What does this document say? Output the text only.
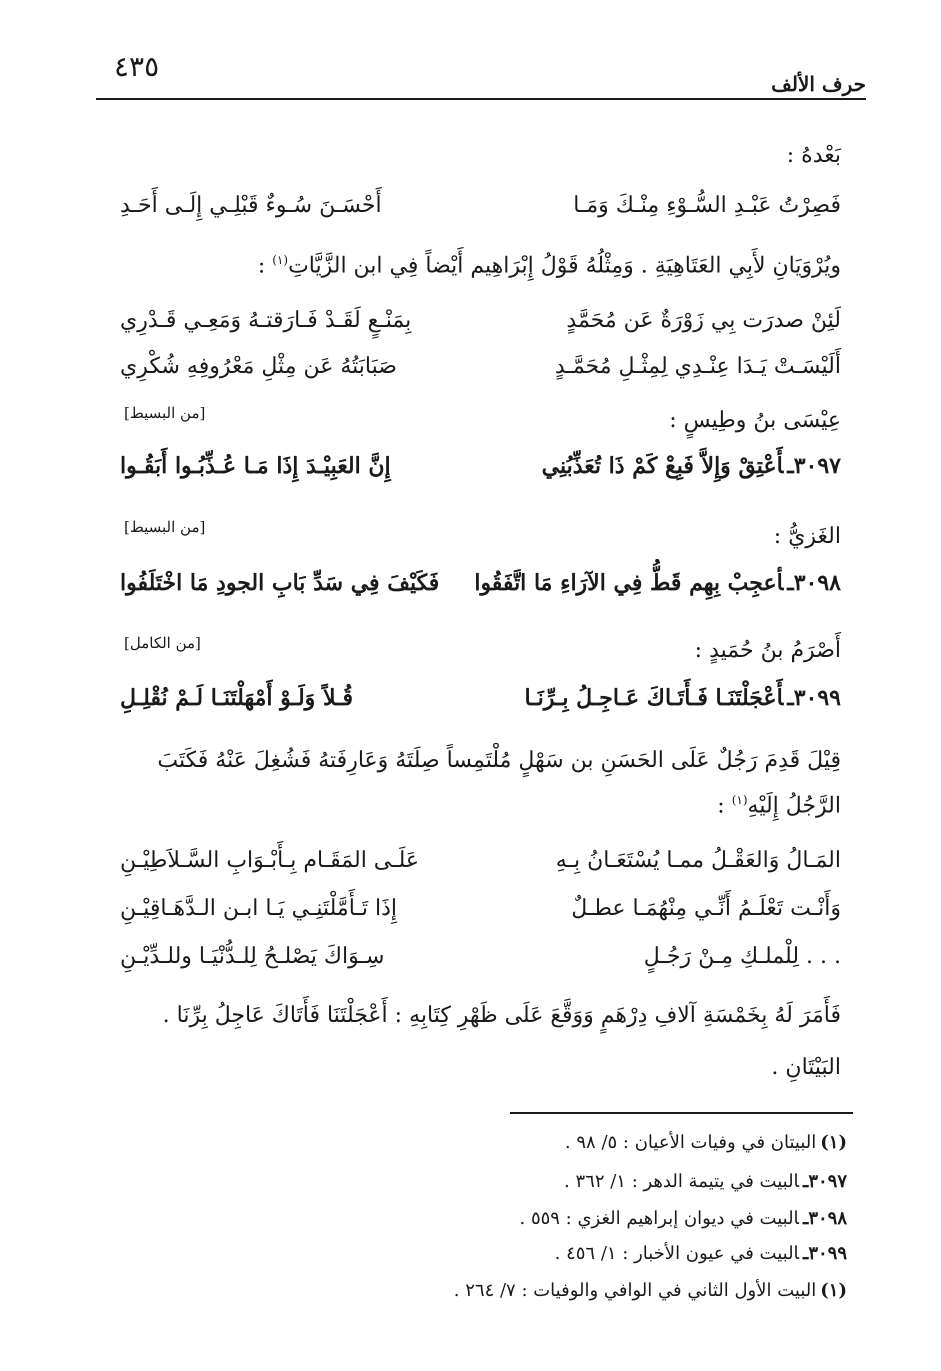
حرف الألف
٤٣٥
بَعْدهُ :
فَصِرْتُ عَبْـدِ السُّـوْءِ مِنْـكَ وَمَـا
أَحْسَـنَ سُـوءٌ قَبْلِـي إِلَـى أَحَـدِ
ويُرْوَيَانِ لأَبِي العَتَاهِيَةِ . وَمِثْلُهُ قَوْلُ إِبْرَاهِيم أَيْضاً فِي ابن الزَّيَّاتِ$^{(١)}$ :
لَئِنْ صدرَت بِي زَوْرَةٌ عَن مُحَمَّدٍ
بِمَنْـعٍ لَقَـدْ فَـارَقتـهُ وَمَعِـي قَـدْرِي
أَلَيْسَـتْ يَـدَا عِنْـدِي لِمِثْـلِ مُحَمَّـدٍ
صَبَابَتُهُ عَن مِثْلِ مَعْرُوفِهِ شُكْرِي
عِيْسَى بنُ وطِيسٍ :
[من البسيط]
٣٠٩٧ـأَعْتِقْ وَإِلاَّ فَبِعْ كَمْ ذَا تُعَذِّبُنِي
إِنَّ العَبِيْـدَ إِذَا مَـا عُـذِّبُـوا أَبَقُـوا
الغَزيُّ :
[من البسيط]
٣٠٩٨ـأعجِبْ بِهِم قَطُّ فِي الآرَاءِ مَا اتَّفَقُوا
فَكَيْفَ فِي سَدِّ بَابِ الجودِ مَا اخْتَلَفُوا
أَصْرَمُ بنُ حُمَيدٍ :
[من الكامل]
٣٠٩٩ـأَعْجَلْتَنَـا فَـأَتَـاكَ عَـاجِـلُ بِـرِّنَـا
قُـلاً وَلَـوْ أَمْهَلْتَنَـا لَـمْ نُقْلِـلِ
قِيْلَ قَدِمَ رَجُلٌ عَلَى الحَسَنِ بن سَهْلٍ مُلْتَمِساً صِلَتَهُ وَعَارِفَتهُ فَشُغِلَ عَنْهُ فَكَتَبَ
الرَّجُلُ إِلَيْهِ$^{(١)}$ :
المَـالُ وَالعَقْـلُ ممـا يُسْتَعَـانُ بِـهِ
عَلَـى المَقَـام بِـأَبْـوَابِ السَّـلاَطِيْـنِ
وَأَنْـت تَعْلَـمُ أَنِّـي مِنْهُمَـا عطـلٌ
إِذَا تَـأَمَّلْتَنِـي يَـا ابـن الـدَّهَـاقِيْـنِ
. . . لِلْملـكِ مِـنْ رَجُـلٍ
سِـوَاكَ يَصْلـحُ لِلـدُّنْيَـا وللـدِّيْـنِ
فَأَمَرَ لَهُ بِخَمْسَةِ آلافِ دِرْهَمٍ وَوَقَّعَ عَلَى ظَهْرِ كِتَابِهِ : أَعْجَلْتَنَا فَأَتَاكَ عَاجِلُ بِرِّنَا .
البَيْتَانِ .
(١)البيتان في وفيات الأعيان : ٥/ ٩٨ .
٣٠٩٧ـالبيت في يتيمة الدهر : ١/ ٣٦٢ .
٣٠٩٨ـالبيت في ديوان إبراهيم الغزي : ٥٥٩ .
٣٠٩٩ـالبيت في عيون الأخبار : ١/ ٤٥٦ .
(١)البيت الأول الثاني في الوافي والوفيات : ٧/ ٢٦٤ .
